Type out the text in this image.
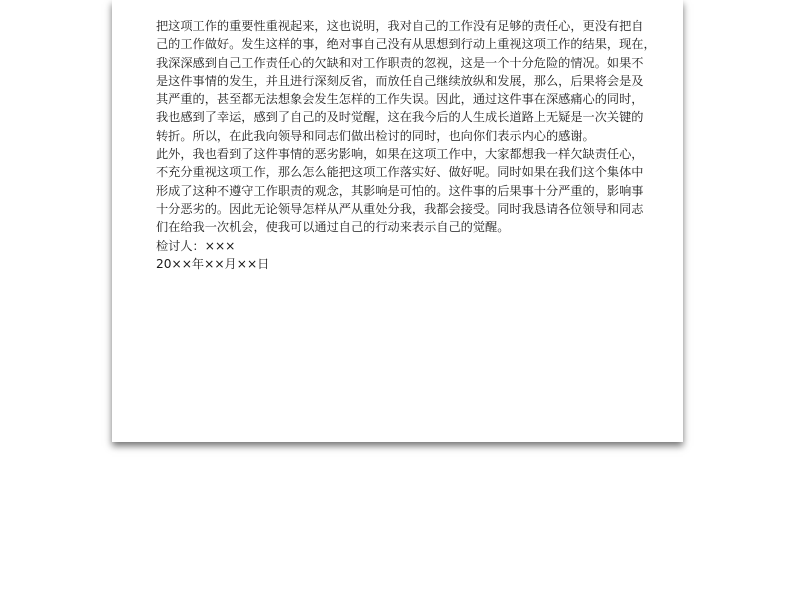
把这项工作的重要性重视起来，这也说明，我对自己的工作没有足够的责任心，更没有把自
己的工作做好。发生这样的事，绝对事自己没有从思想到行动上重视这项工作的结果，现在，
我深深感到自己工作责任心的欠缺和对工作职责的忽视，这是一个十分危险的情况。如果不
是这件事情的发生，并且进行深刻反省，而放任自己继续放纵和发展，那么，后果将会是及
其严重的，甚至都无法想象会发生怎样的工作失误。因此，通过这件事在深感痛心的同时，
我也感到了幸运，感到了自己的及时觉醒，这在我今后的人生成长道路上无疑是一次关键的
转折。所以，在此我向领导和同志们做出检讨的同时，也向你们表示内心的感谢。
此外，我也看到了这件事情的恶劣影响，如果在这项工作中，大家都想我一样欠缺责任心，
不充分重视这项工作，那么怎么能把这项工作落实好、做好呢。同时如果在我们这个集体中
形成了这种不遵守工作职责的观念，其影响是可怕的。这件事的后果事十分严重的，影响事
十分恶劣的。因此无论领导怎样从严从重处分我，我都会接受。同时我恳请各位领导和同志
们在给我一次机会，使我可以通过自己的行动来表示自己的觉醒。
检讨人：×××
20××年××月××日
